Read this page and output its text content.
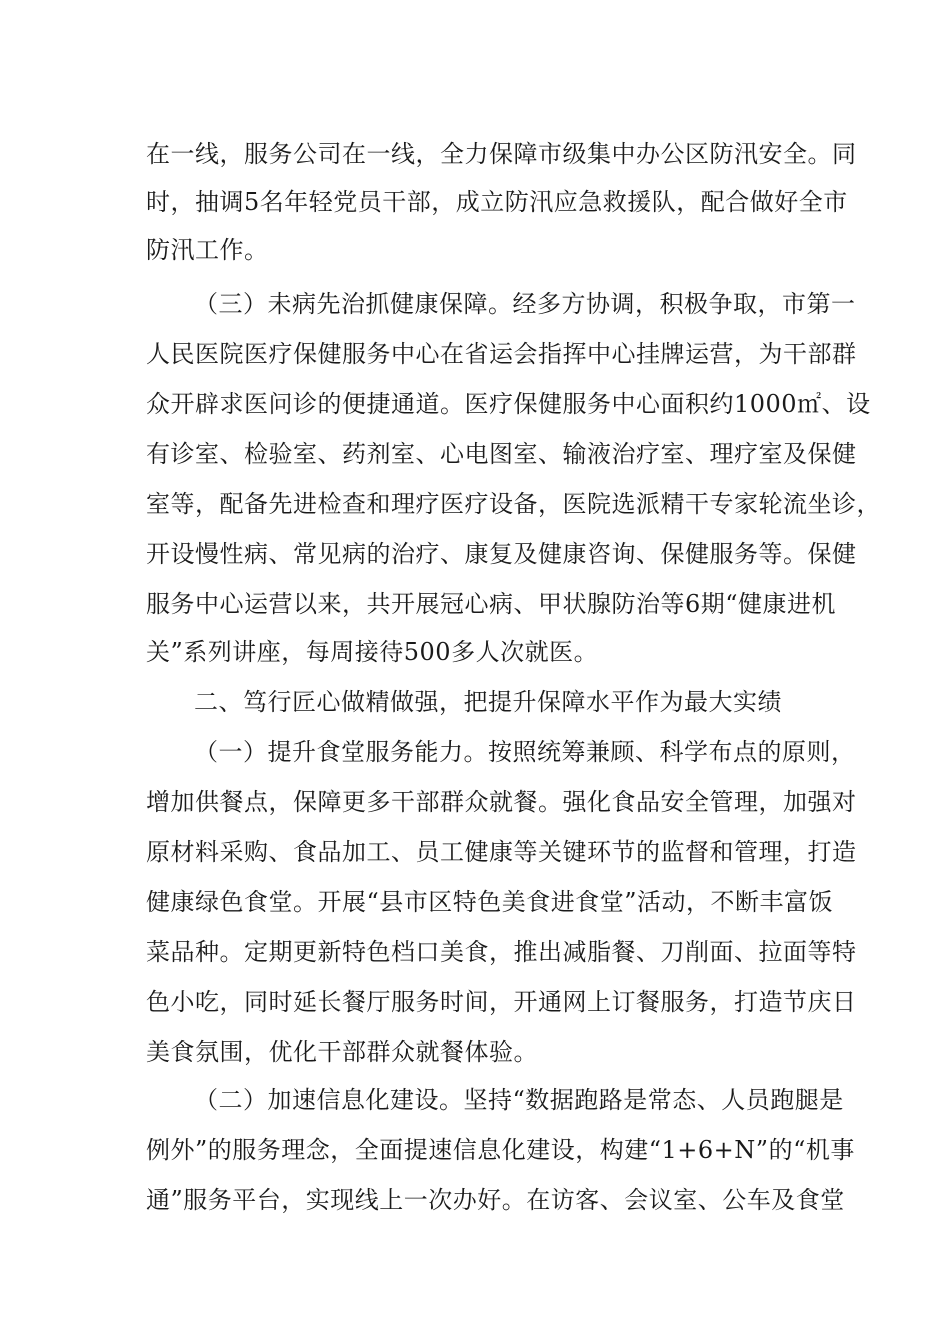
在一线，服务公司在一线，全力保障市级集中办公区防汛安全。同
时，抽调5名年轻党员干部，成立防汛应急救援队，配合做好全市
防汛工作。
（三）未病先治抓健康保障。经多方协调，积极争取，市第一
人民医院医疗保健服务中心在省运会指挥中心挂牌运营，为干部群
众开辟求医问诊的便捷通道。医疗保健服务中心面积约1000㎡、设
有诊室、检验室、药剂室、心电图室、输液治疗室、理疗室及保健
室等，配备先进检查和理疗医疗设备，医院选派精干专家轮流坐诊，
开设慢性病、常见病的治疗、康复及健康咨询、保健服务等。保健
服务中心运营以来，共开展冠心病、甲状腺防治等6期“健康进机
关”系列讲座，每周接待500多人次就医。
二、笃行匠心做精做强，把提升保障水平作为最大实绩
（一）提升食堂服务能力。按照统筹兼顾、科学布点的原则，
增加供餐点，保障更多干部群众就餐。强化食品安全管理，加强对
原材料采购、食品加工、员工健康等关键环节的监督和管理，打造
健康绿色食堂。开展“县市区特色美食进食堂”活动，不断丰富饭
菜品种。定期更新特色档口美食，推出减脂餐、刀削面、拉面等特
色小吃，同时延长餐厅服务时间，开通网上订餐服务，打造节庆日
美食氛围，优化干部群众就餐体验。
（二）加速信息化建设。坚持“数据跑路是常态、人员跑腿是
例外”的服务理念，全面提速信息化建设，构建“1+6+N”的“机事
通”服务平台，实现线上一次办好。在访客、会议室、公车及食堂
